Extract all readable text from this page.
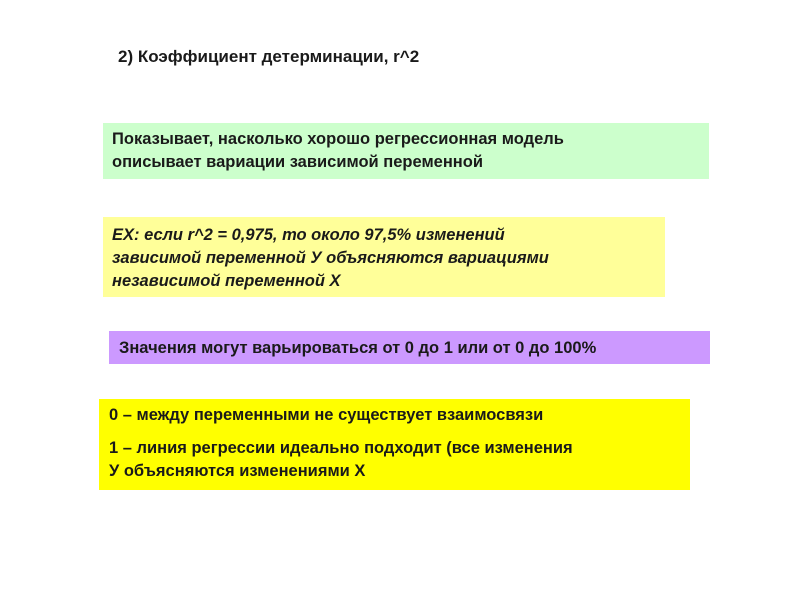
2) Коэффициент детерминации, r^2
Показывает, насколько хорошо регрессионная модель
описывает вариации зависимой переменной
EX: если r^2 = 0,975, то около 97,5% изменений
зависимой переменной У объясняются вариациями
независимой переменной Х
Значения могут варьироваться от 0 до 1 или от 0 до 100%
0 – между переменными не существует взаимосвязи
1 – линия регрессии идеально подходит (все изменения
У объясняются изменениями Х
